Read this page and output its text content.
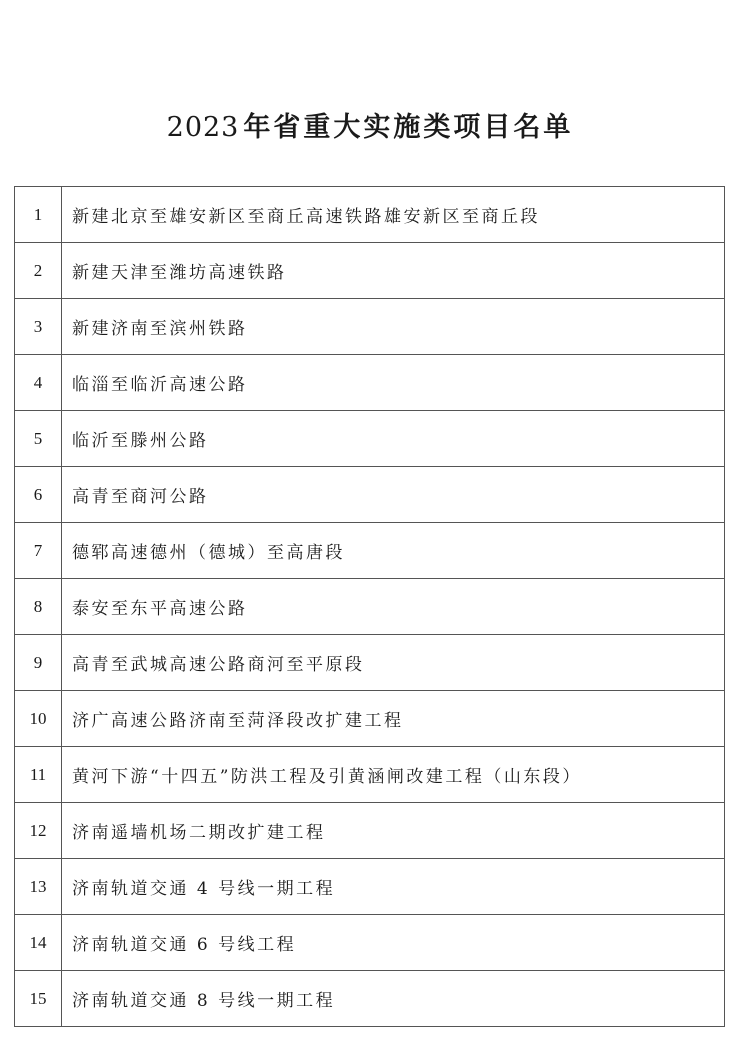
2023 年省重大实施类项目名单
1	新建北京至雄安新区至商丘高速铁路雄安新区至商丘段
2	新建天津至潍坊高速铁路
3	新建济南至滨州铁路
4	临淄至临沂高速公路
5	临沂至滕州公路
6	高青至商河公路
7	德郓高速德州（德城）至高唐段
8	泰安至东平高速公路
9	高青至武城高速公路商河至平原段
10	济广高速公路济南至菏泽段改扩建工程
11	黄河下游“十四五”防洪工程及引黄涵闸改建工程（山东段）
12	济南遥墙机场二期改扩建工程
13	济南轨道交通 4 号线一期工程
14	济南轨道交通 6 号线工程
15	济南轨道交通 8 号线一期工程
